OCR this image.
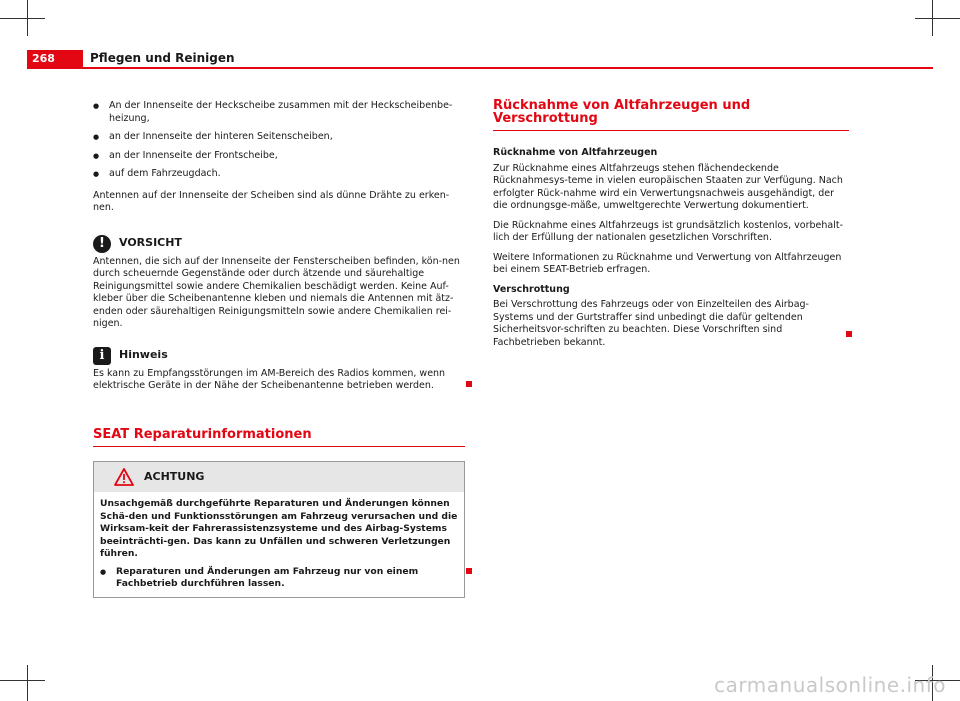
268	Pflegen und Reinigen
● An der Innenseite der Heckscheibe zusammen mit der Heckscheibenbe-heizung,
● an der Innenseite der hinteren Seitenscheiben,
● an der Innenseite der Frontscheibe,
● auf dem Fahrzeugdach.

Antennen auf der Innenseite der Scheiben sind als dünne Drähte zu erken-nen.

!	VORSICHT

Antennen, die sich auf der Innenseite der Fensterscheiben befinden, kön-nen durch scheuernde Gegenstände oder durch ätzende und säurehaltige Reinigungsmittel sowie andere Chemikalien beschädigt werden. Keine Auf-kleber über die Scheibenantenne kleben und niemals die Antennen mit ätz-enden oder säurehaltigen Reinigungsmitteln sowie andere Chemikalien rei-nigen.

i	Hinweis

Es kann zu Empfangsstörungen im AM-Bereich des Radios kommen, wenn elektrische Geräte in der Nähe der Scheibenantenne betrieben werden.

SEAT Reparaturinformationen
ACHTUNG

Unsachgemäß durchgeführte Reparaturen und Änderungen können Schä-den und Funktionsstörungen am Fahrzeug verursachen und die Wirksam-keit der Fahrerassistenzsysteme und des Airbag-Systems beeinträchti-gen. Das kann zu Unfällen und schweren Verletzungen führen.

● Reparaturen und Änderungen am Fahrzeug nur von einem Fachbetrieb durchführen lassen.
Rücknahme von Altfahrzeugen und Verschrottung
Rücknahme von Altfahrzeugen

Zur Rücknahme eines Altfahrzeugs stehen flächendeckende Rücknahmesys-teme in vielen europäischen Staaten zur Verfügung. Nach erfolgter Rück-nahme wird ein Verwertungsnachweis ausgehändigt, der die ordnungsge-mäße, umweltgerechte Verwertung dokumentiert.

Die Rücknahme eines Altfahrzeugs ist grundsätzlich kostenlos, vorbehalt-lich der Erfüllung der nationalen gesetzlichen Vorschriften.

Weitere Informationen zu Rücknahme und Verwertung von Altfahrzeugen bei einem SEAT-Betrieb erfragen.

Verschrottung

Bei Verschrottung des Fahrzeugs oder von Einzelteilen des Airbag-Systems und der Gurtstraffer sind unbedingt die dafür geltenden Sicherheitsvor-schriften zu beachten. Diese Vorschriften sind Fachbetrieben bekannt.

carmanualsonline.info
